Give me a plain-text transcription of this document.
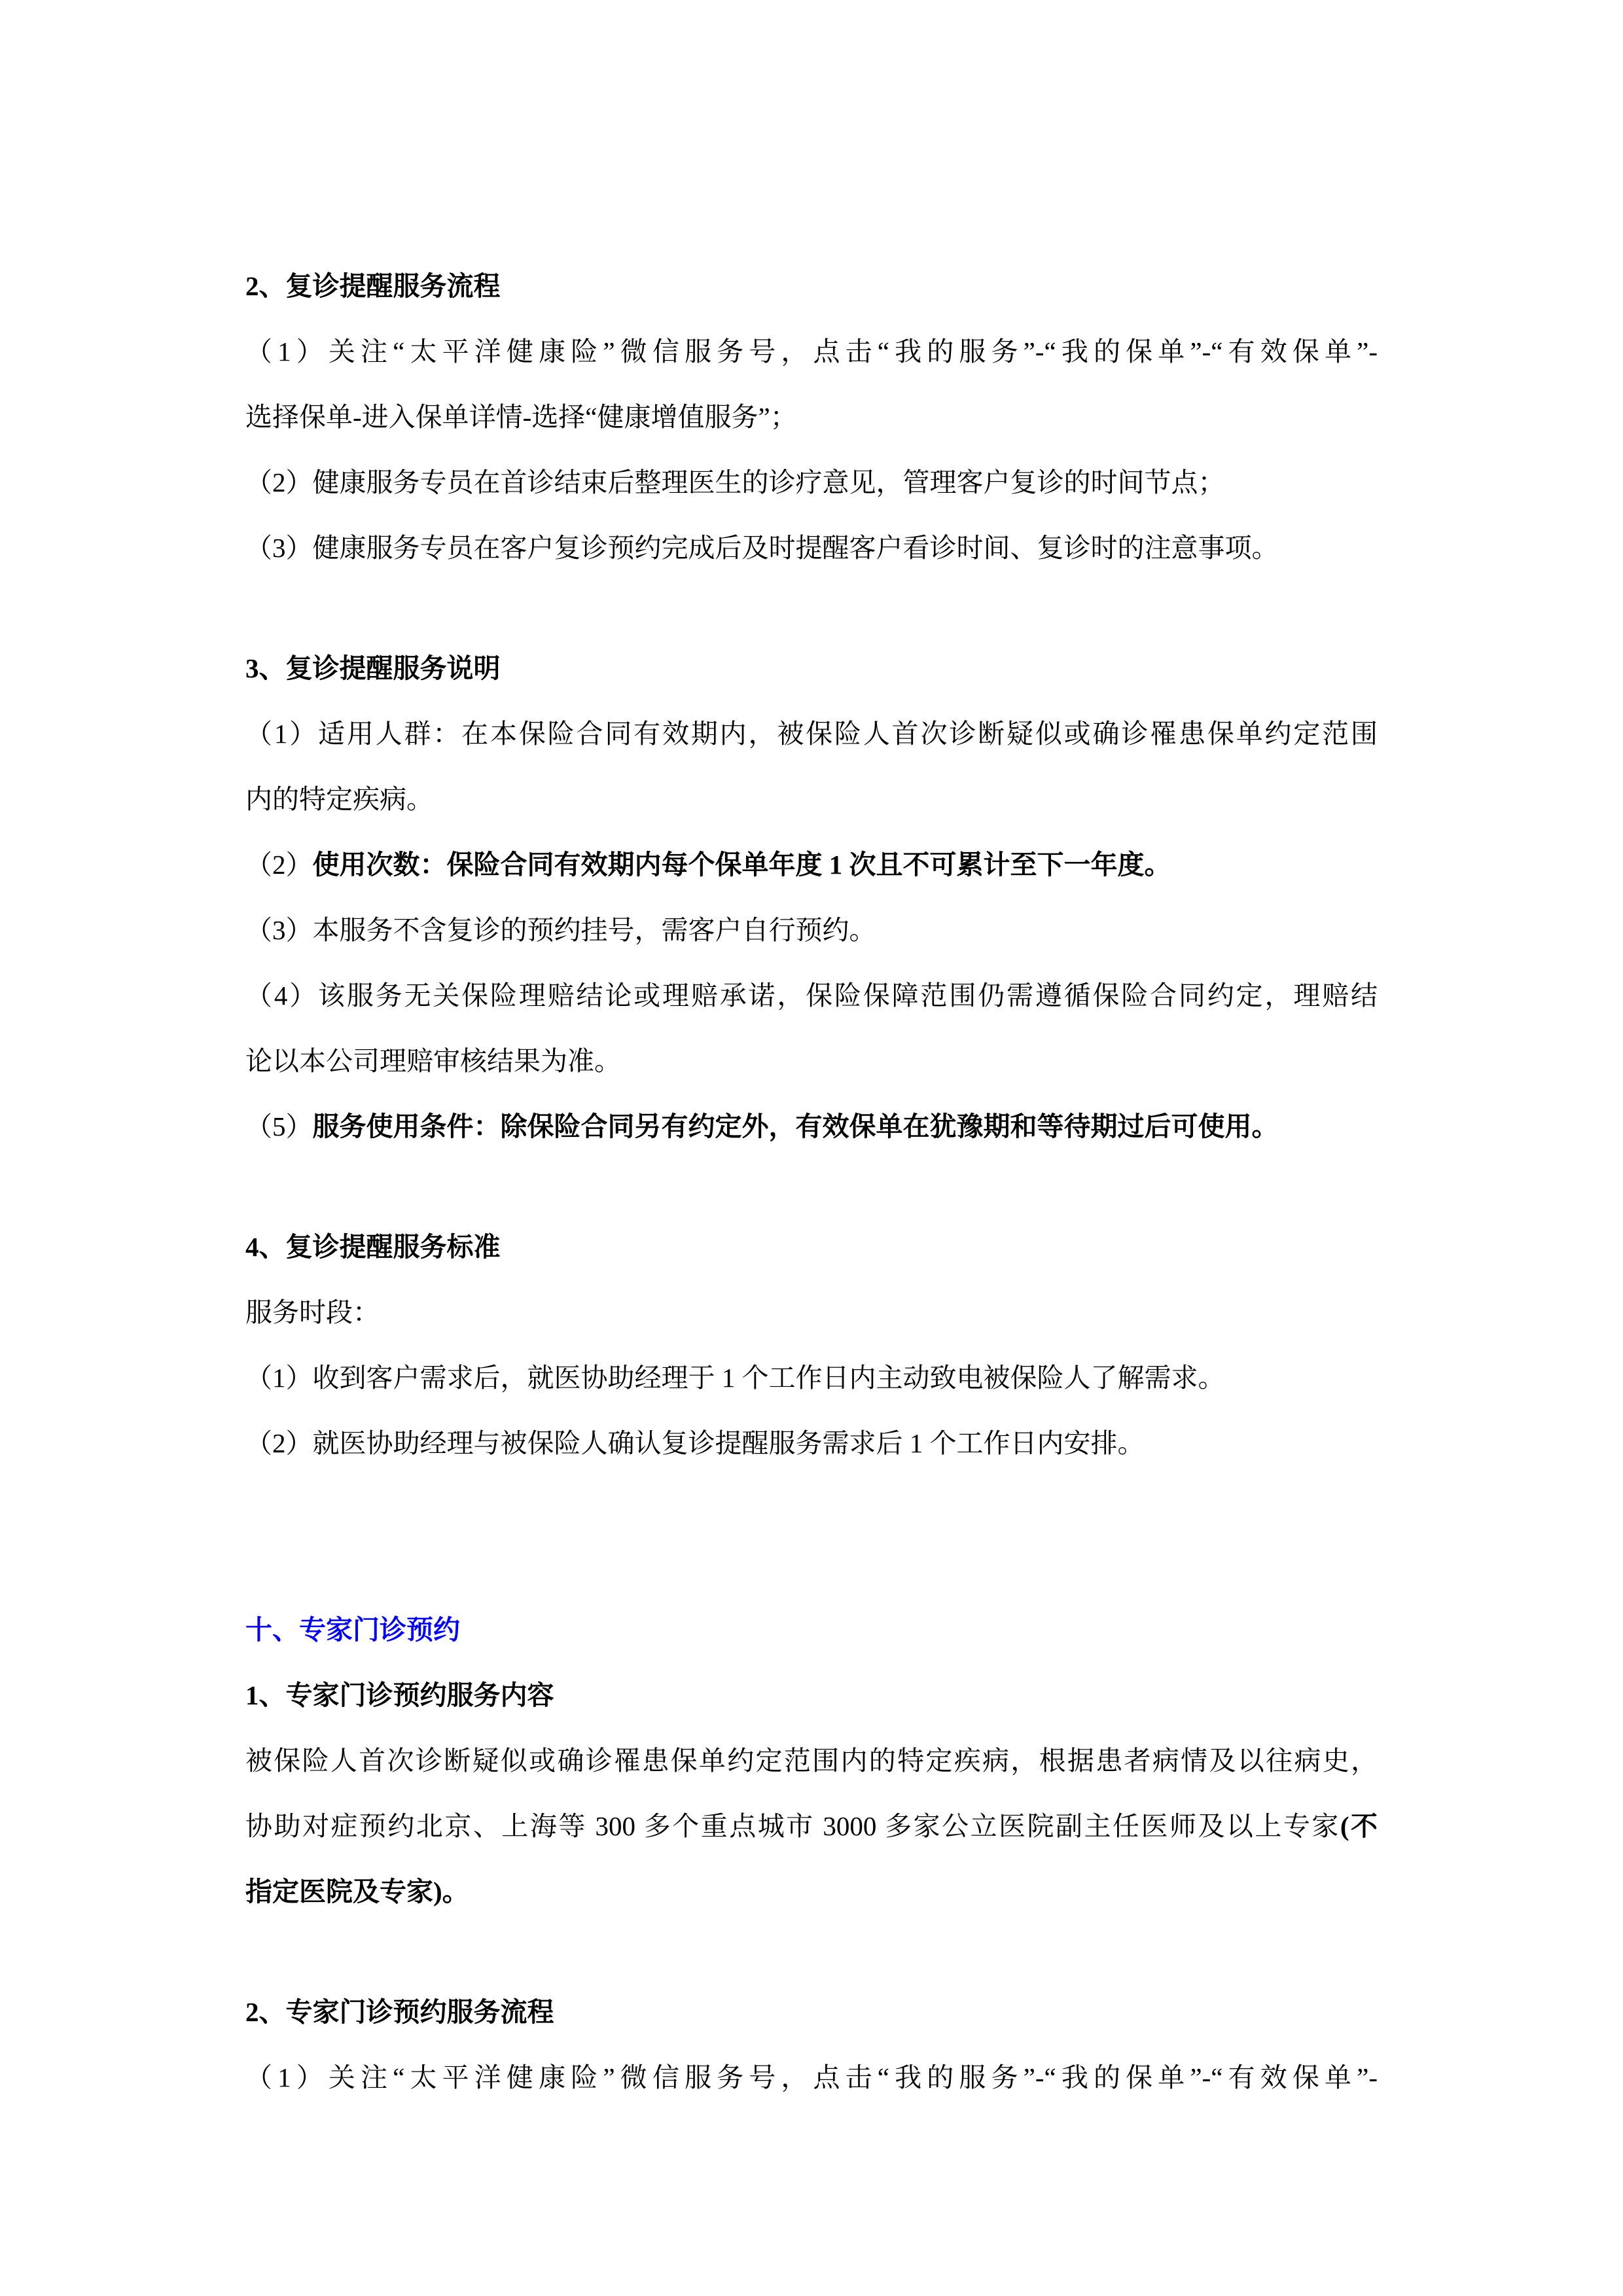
2、复诊提醒服务流程
（1）关注“太平洋健康险”微信服务号，点击“我的服务”-“我的保单”-“有效保单”-
选择保单-进入保单详情-选择“健康增值服务”；
（2）健康服务专员在首诊结束后整理医生的诊疗意见，管理客户复诊的时间节点；
（3）健康服务专员在客户复诊预约完成后及时提醒客户看诊时间、复诊时的注意事项。
3、复诊提醒服务说明
（1）适用人群：在本保险合同有效期内，被保险人首次诊断疑似或确诊罹患保单约定范围
内的特定疾病。
（2）使用次数：保险合同有效期内每个保单年度 1 次且不可累计至下一年度。
（3）本服务不含复诊的预约挂号，需客户自行预约。
（4）该服务无关保险理赔结论或理赔承诺，保险保障范围仍需遵循保险合同约定，理赔结
论以本公司理赔审核结果为准。
（5）服务使用条件：除保险合同另有约定外，有效保单在犹豫期和等待期过后可使用。
4、复诊提醒服务标准
服务时段：
（1）收到客户需求后，就医协助经理于 1 个工作日内主动致电被保险人了解需求。
（2）就医协助经理与被保险人确认复诊提醒服务需求后 1 个工作日内安排。
十、专家门诊预约
1、专家门诊预约服务内容
被保险人首次诊断疑似或确诊罹患保单约定范围内的特定疾病，根据患者病情及以往病史，
协助对症预约北京、上海等 300 多个重点城市 3000 多家公立医院副主任医师及以上专家(不
指定医院及专家)。
2、专家门诊预约服务流程
（1）关注“太平洋健康险”微信服务号，点击“我的服务”-“我的保单”-“有效保单”-
